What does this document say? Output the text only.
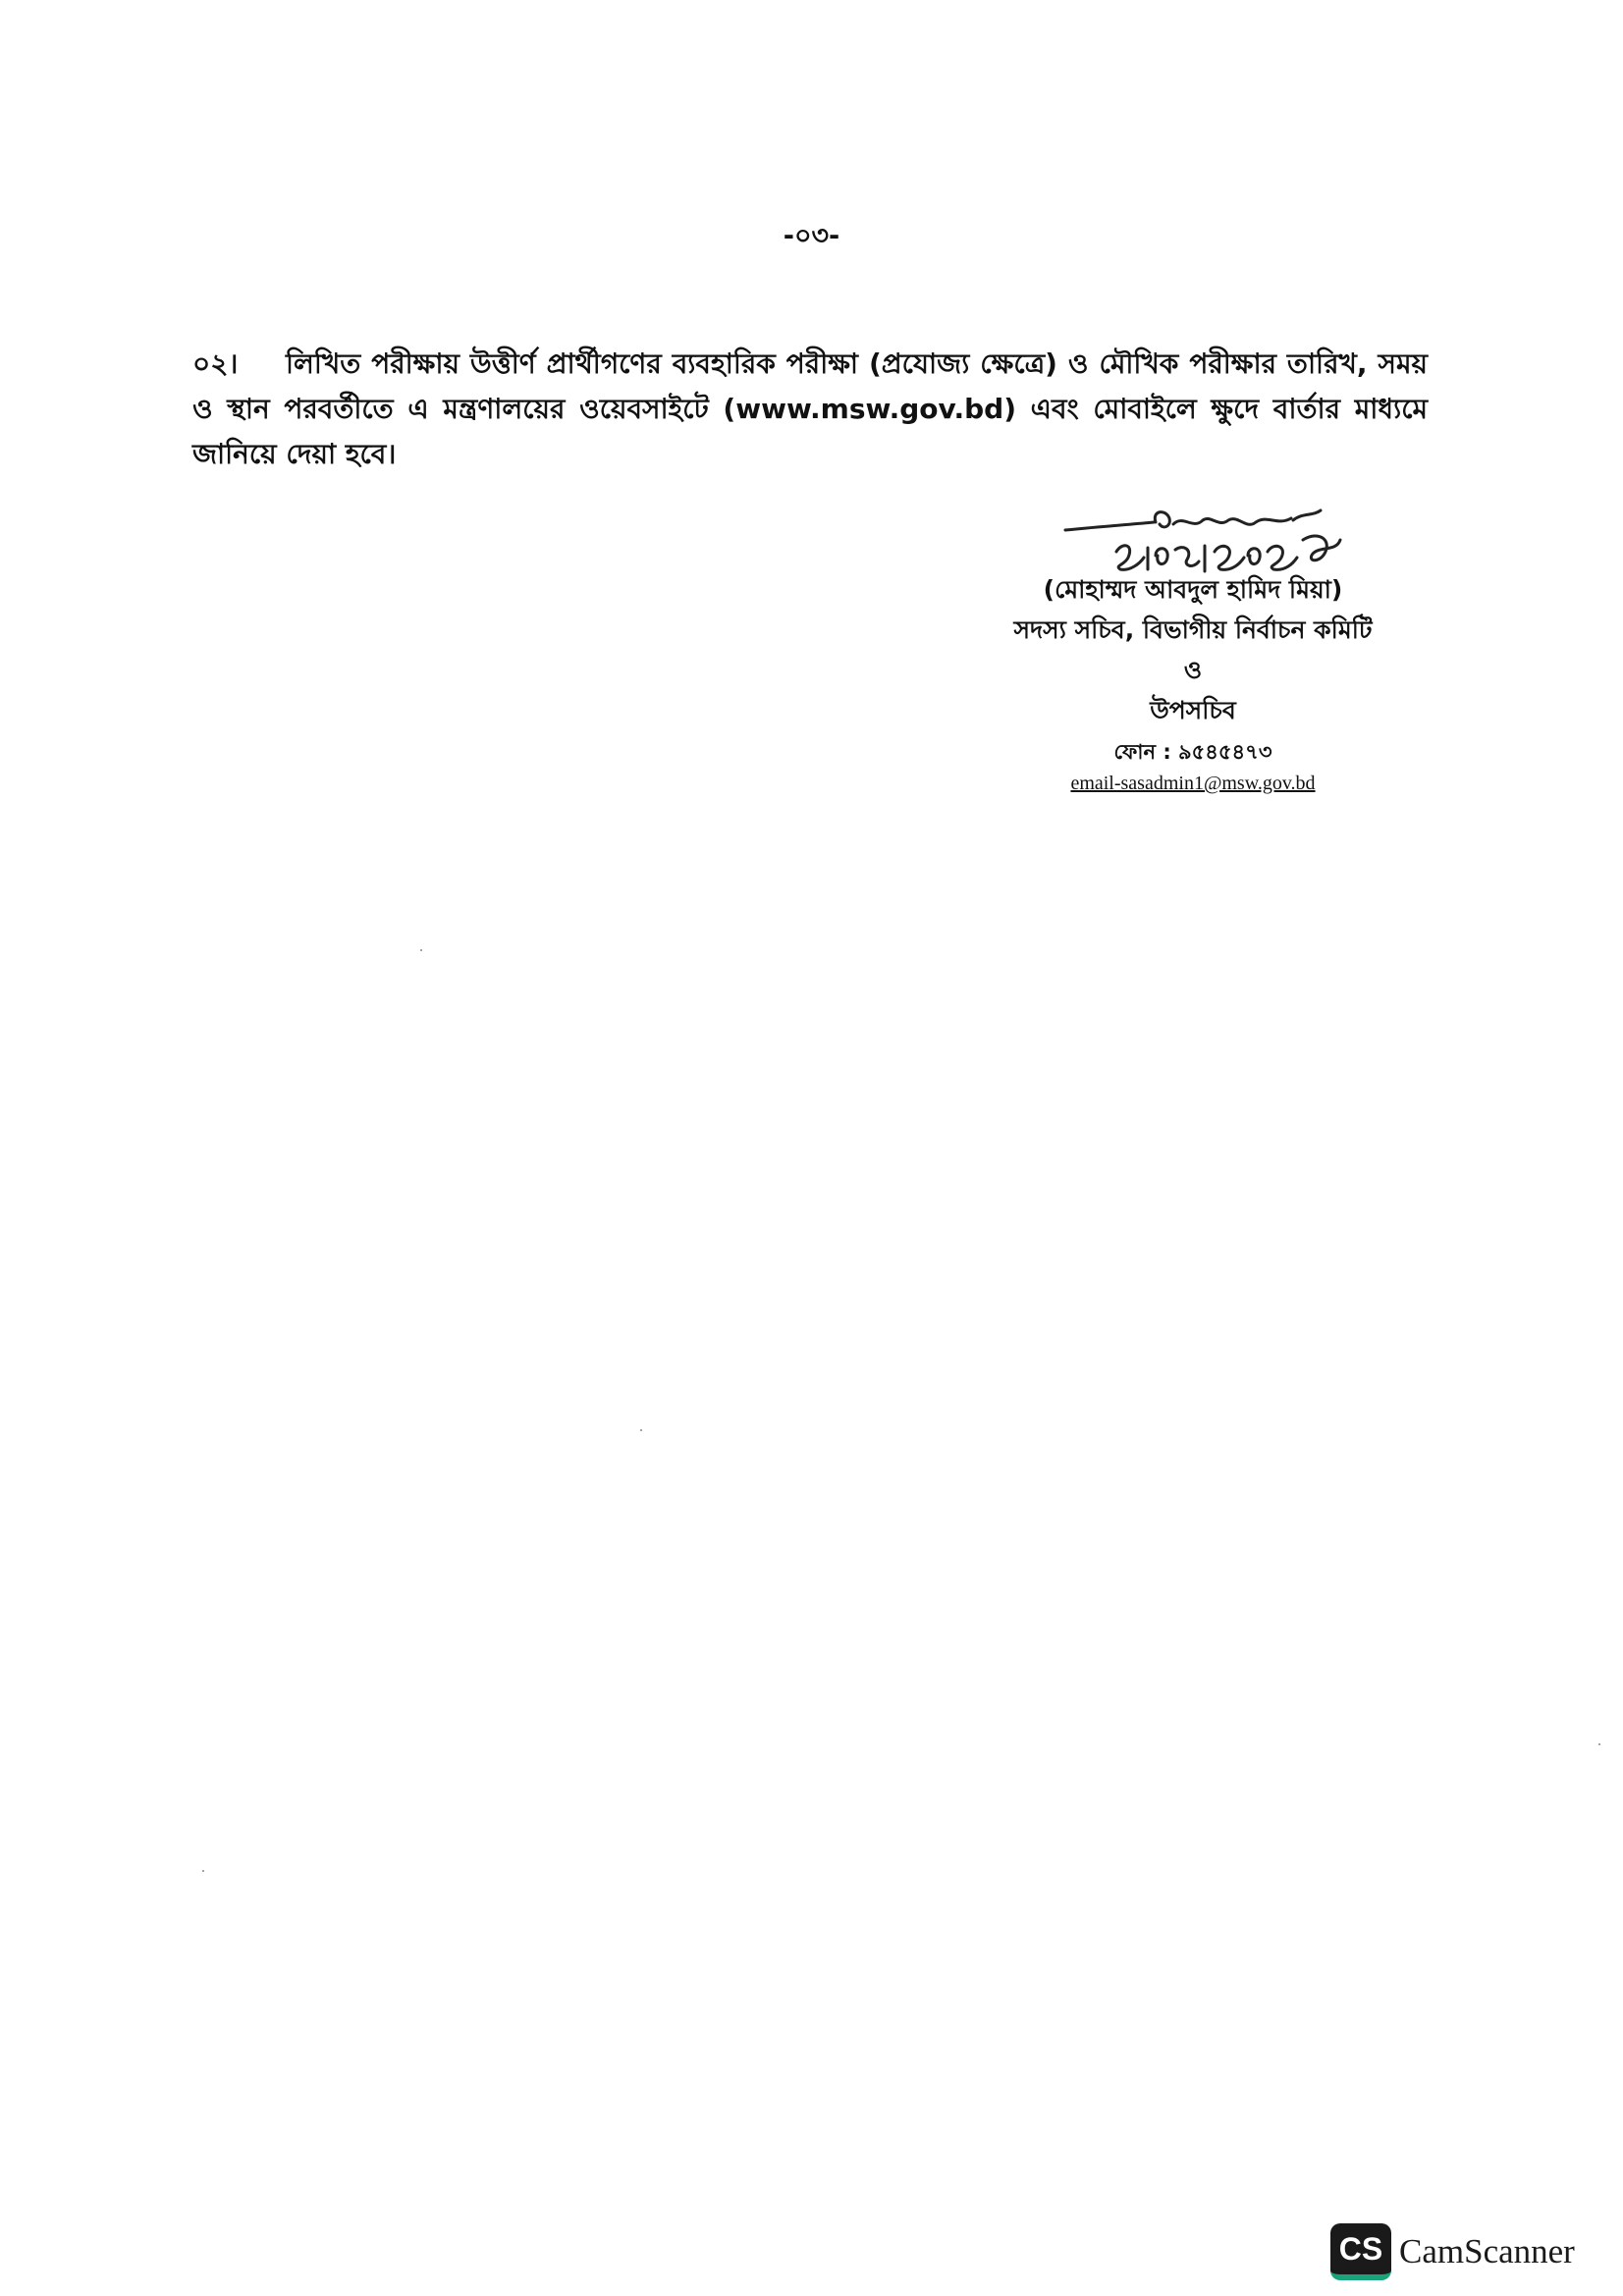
-০৩-
০২। লিখিত পরীক্ষায় উত্তীর্ণ প্রার্থীগণের ব্যবহারিক পরীক্ষা (প্রযোজ্য ক্ষেত্রে) ও মৌখিক পরীক্ষার তারিখ, সময় ও স্থান পরবর্তীতে এ মন্ত্রণালয়ের ওয়েবসাইটে (www.msw.gov.bd) এবং মোবাইলে ক্ষুদে বার্তার মাধ্যমে জানিয়ে দেয়া হবে।
(মোহাম্মদ আবদুল হামিদ মিয়া)
সদস্য সচিব, বিভাগীয় নির্বাচন কমিটি
ও
উপসচিব
ফোন : ৯৫৪৫৪৭৩
email-sasadmin1@msw.gov.bd
CS CamScanner
